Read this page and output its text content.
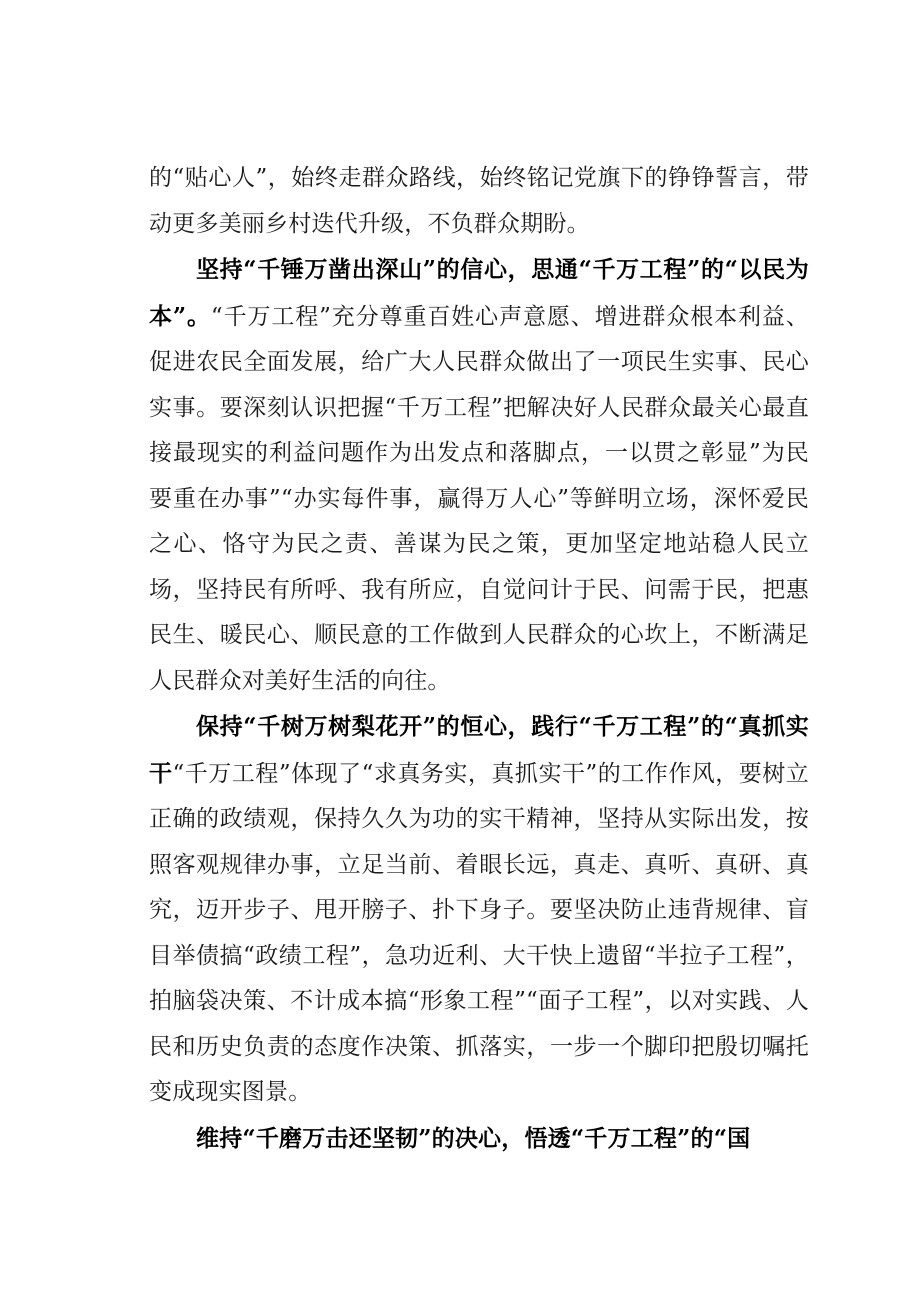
的“贴心人”，始终走群众路线，始终铭记党旗下的铮铮誓言，带动更多美丽乡村迭代升级，不负群众期盼。

坚持“千锤万凿出深山”的信心，思通“千万工程”的“以民为本”。“千万工程”充分尊重百姓心声意愿、增进群众根本利益、促进农民全面发展，给广大人民群众做出了一项民生实事、民心实事。要深刻认识把握“千万工程”把解决好人民群众最关心最直接最现实的利益问题作为出发点和落脚点，一以贯之彰显”为民要重在办事”“办实每件事，赢得万人心”等鲜明立场，深怀爱民之心、恪守为民之责、善谋为民之策，更加坚定地站稳人民立场，坚持民有所呼、我有所应，自觉问计于民、问需于民，把惠民生、暖民心、顺民意的工作做到人民群众的心坎上，不断满足人民群众对美好生活的向往。

保持“千树万树梨花开”的恒心，践行“千万工程”的“真抓实干“千万工程”体现了“求真务实，真抓实干”的工作作风，要树立正确的政绩观，保持久久为功的实干精神，坚持从实际出发，按照客观规律办事，立足当前、着眼长远，真走、真听、真研、真究，迈开步子、甩开膀子、扑下身子。要坚决防止违背规律、盲目举债搞“政绩工程”，急功近利、大干快上遗留“半拉子工程”，拍脑袋决策、不计成本搞“形象工程”“面子工程”，以对实践、人民和历史负责的态度作决策、抓落实，一步一个脚印把殷切嘱托变成现实图景。

维持“千磨万击还坚韧”的决心，悟透“千万工程”的“国
